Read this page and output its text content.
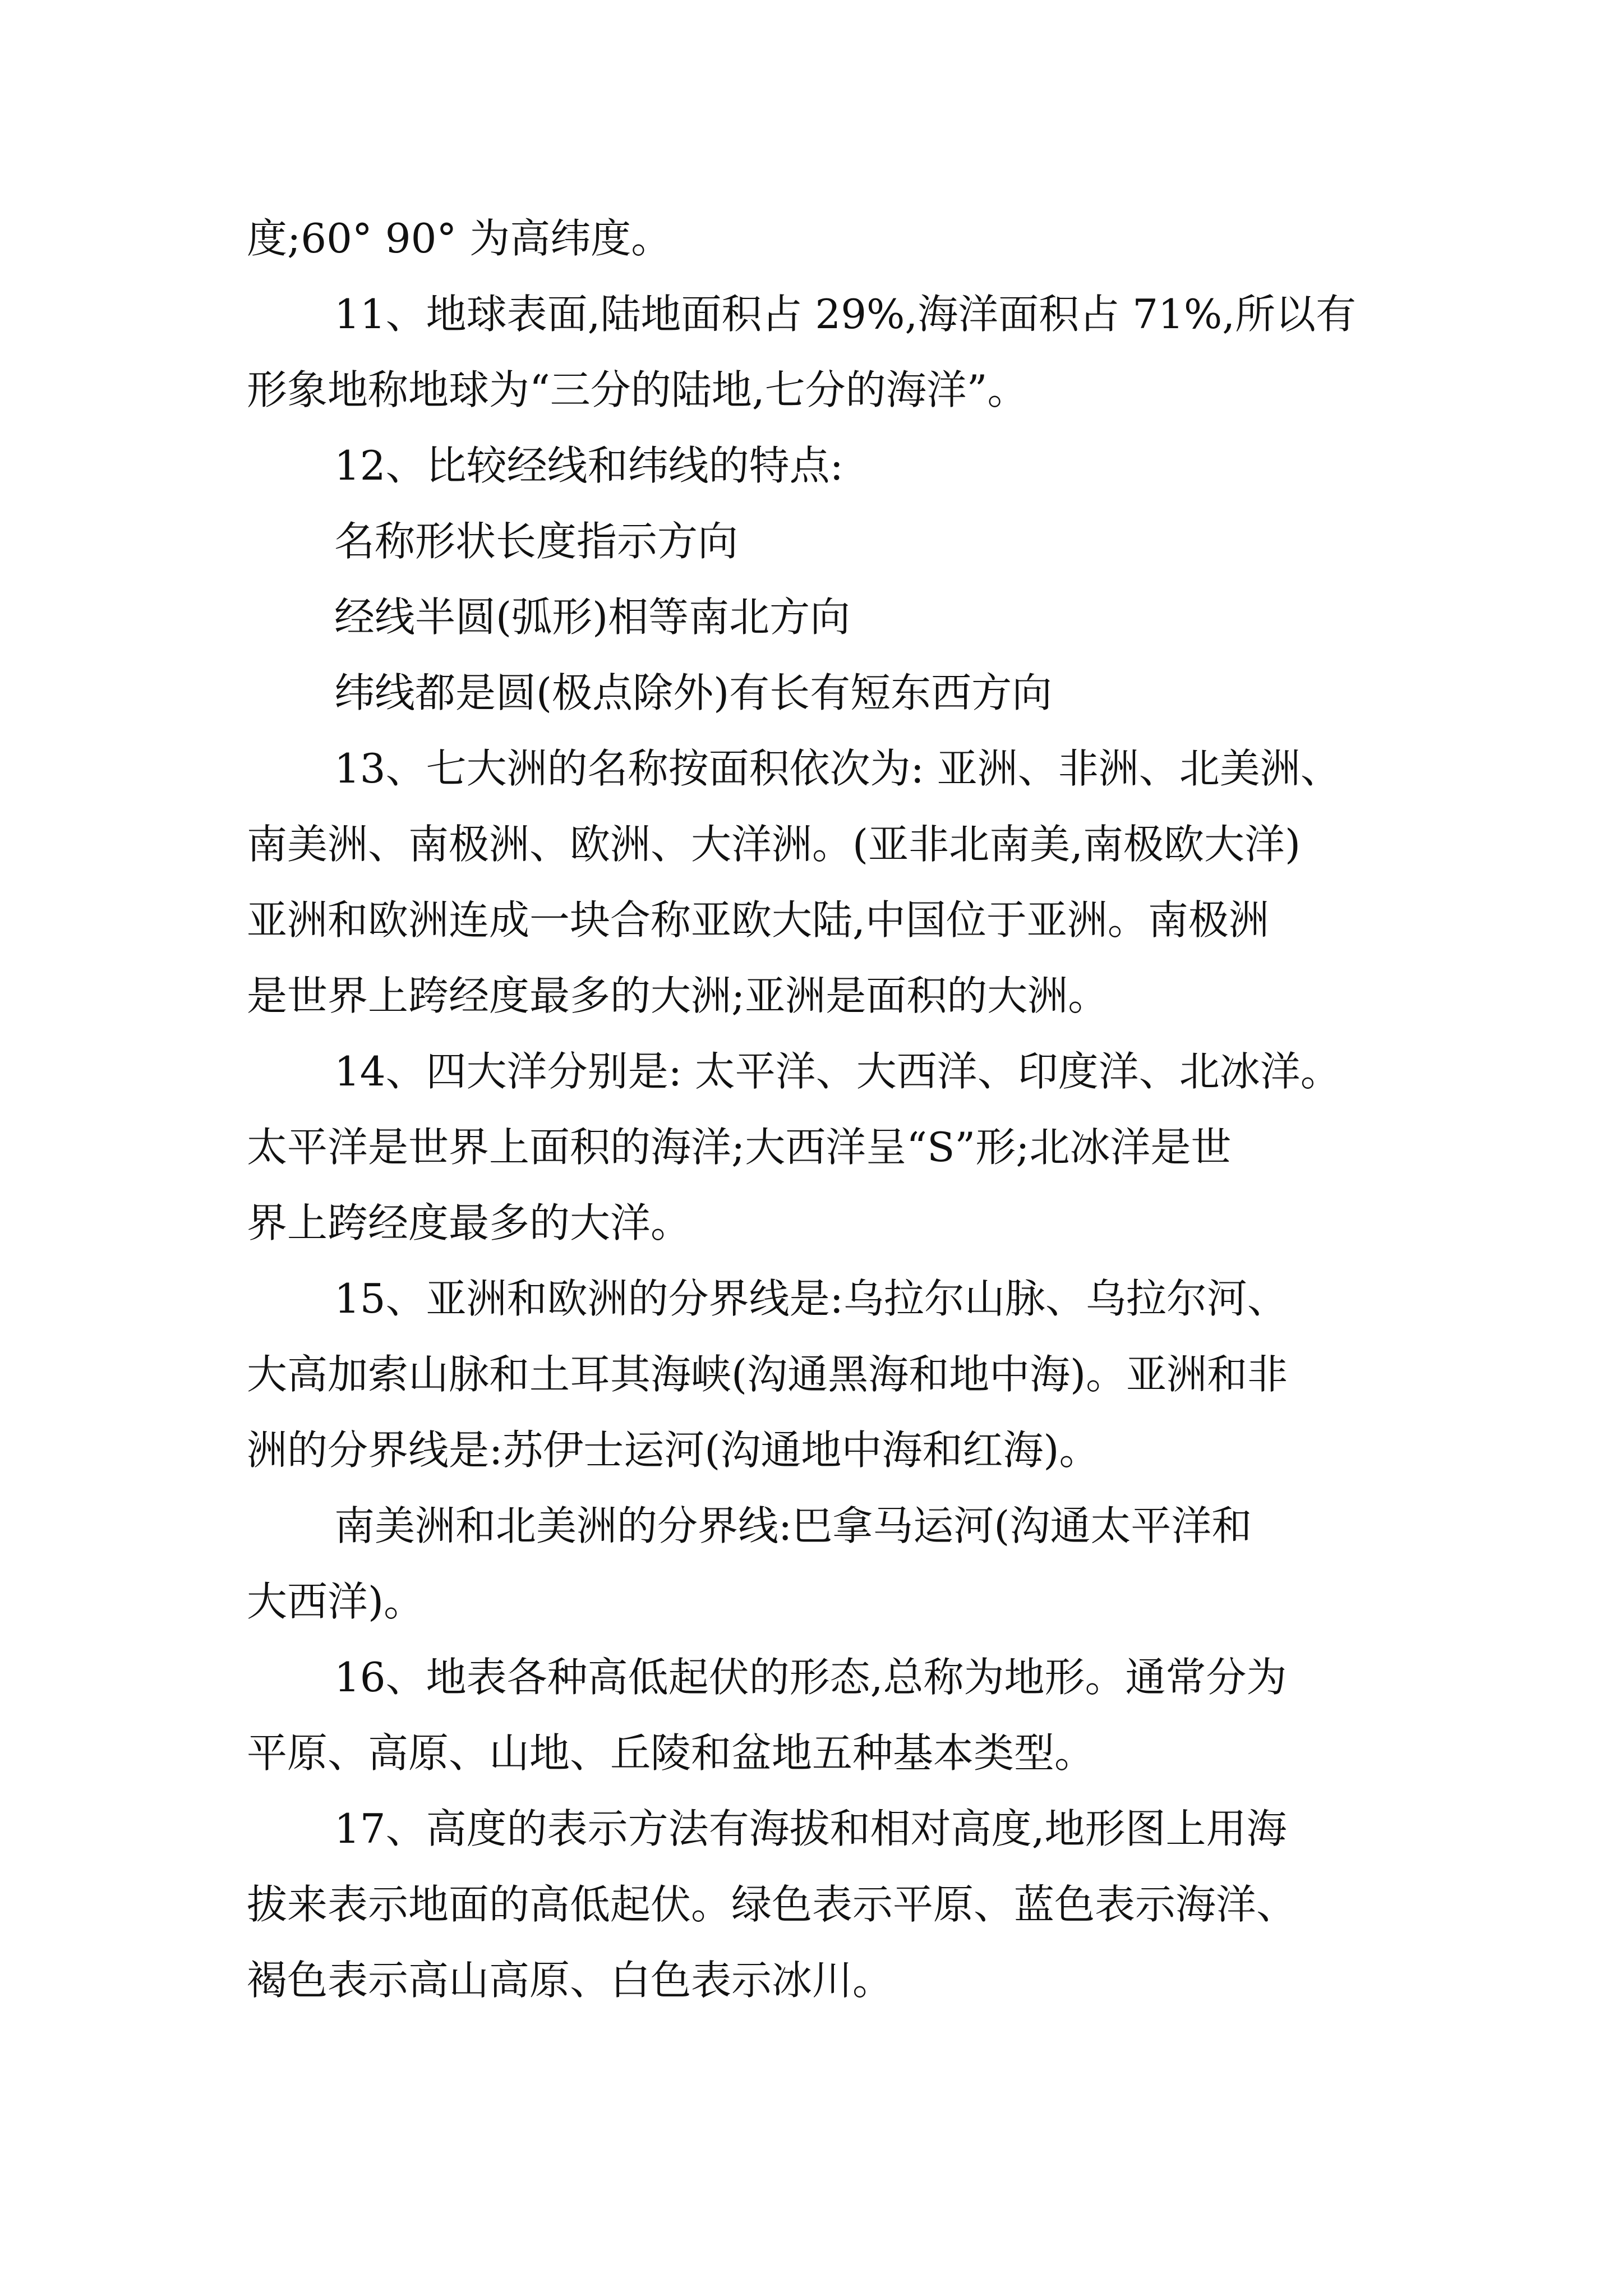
度;60° 90° 为高纬度。

11、地球表面,陆地面积占 29%,海洋面积占 71%,所以有

形象地称地球为“三分的陆地,七分的海洋”。

12、比较经线和纬线的特点:

名称形状长度指示方向

经线半圆(弧形)相等南北方向

纬线都是圆(极点除外)有长有短东西方向

13、七大洲的名称按面积依次为: 亚洲、非洲、北美洲、

南美洲、南极洲、欧洲、大洋洲。(亚非北南美,南极欧大洋)

亚洲和欧洲连成一块合称亚欧大陆,中国位于亚洲。南极洲

是世界上跨经度最多的大洲;亚洲是面积的大洲。

14、四大洋分别是: 太平洋、大西洋、印度洋、北冰洋。

太平洋是世界上面积的海洋;大西洋呈“S”形;北冰洋是世

界上跨经度最多的大洋。

15、亚洲和欧洲的分界线是:乌拉尔山脉、乌拉尔河、

大高加索山脉和土耳其海峡(沟通黑海和地中海)。亚洲和非

洲的分界线是:苏伊士运河(沟通地中海和红海)。

南美洲和北美洲的分界线:巴拿马运河(沟通太平洋和

大西洋)。

16、地表各种高低起伏的形态,总称为地形。通常分为

平原、高原、山地、丘陵和盆地五种基本类型。

17、高度的表示方法有海拔和相对高度,地形图上用海

拔来表示地面的高低起伏。绿色表示平原、蓝色表示海洋、

褐色表示高山高原、白色表示冰川。
